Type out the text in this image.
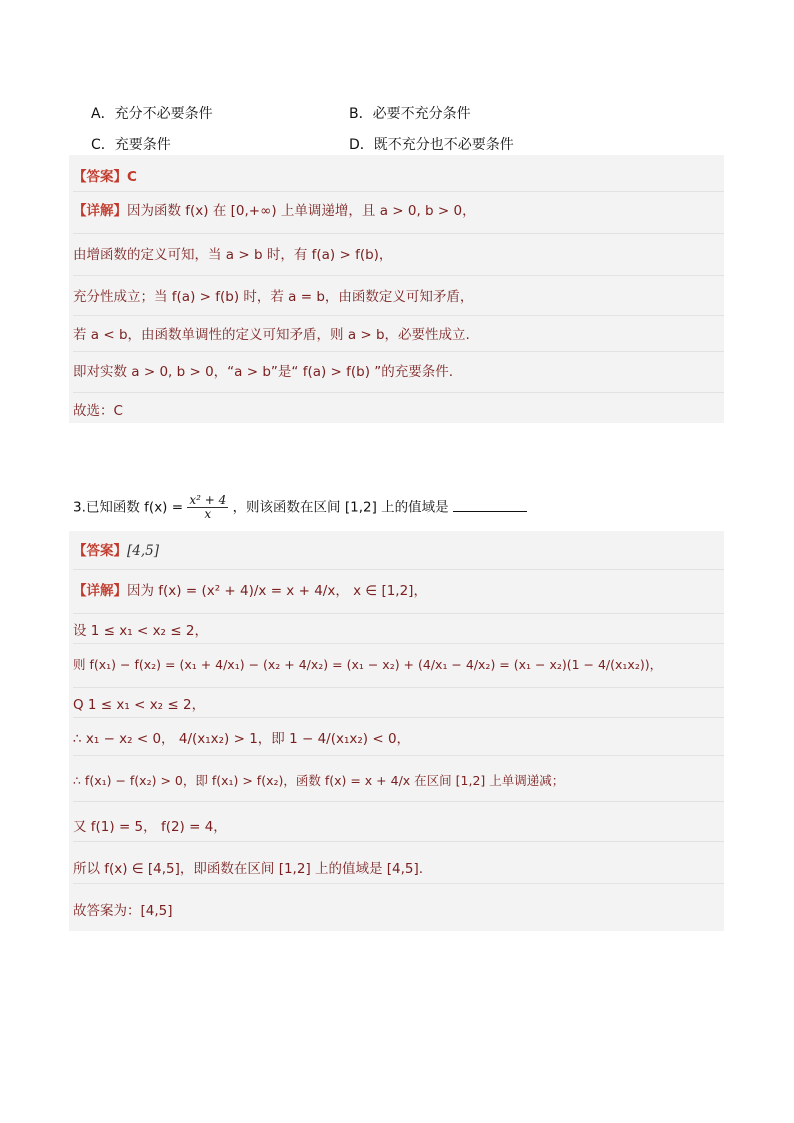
A．充分不必要条件	B．必要不充分条件
C．充要条件	D．既不充分也不必要条件
【答案】C
【详解】因为函数 f(x) 在 [0,+∞) 上单调递增，且 a > 0, b > 0，
由增函数的定义可知，当 a > b 时，有 f(a) > f(b)，
充分性成立；当 f(a) > f(b) 时，若 a = b，由函数定义可知矛盾，
若 a < b，由函数单调性的定义可知矛盾，则 a > b，必要性成立.
即对实数 a > 0, b > 0，“a > b”是“ f(a) > f(b) ”的充要条件.
故选：C
3.已知函数 $f(x) = \frac{\text{x² + 4}}{x}$ ，则该函数在区间 [1,2] 上的值域是
【答案】[4,5]
【详解】因为 f(x) = (x² + 4)/x = x + 4/x， x ∈ [1,2]，
设 1 ≤ x₁ < x₂ ≤ 2，
则 f(x₁) − f(x₂) = (x₁ + 4/x₁) − (x₂ + 4/x₂) = (x₁ − x₂) + (4/x₁ − 4/x₂) = (x₁ − x₂)(1 − 4/(x₁x₂))，
Q 1 ≤ x₁ < x₂ ≤ 2，
∴ x₁ − x₂ < 0， 4/(x₁x₂) > 1，即 1 − 4/(x₁x₂) < 0，
∴ f(x₁) − f(x₂) > 0，即 f(x₁) > f(x₂)，函数 f(x) = x + 4/x 在区间 [1,2] 上单调递减；
又 f(1) = 5， f(2) = 4，
所以 f(x) ∈ [4,5]，即函数在区间 [1,2] 上的值域是 [4,5].
故答案为：[4,5]
